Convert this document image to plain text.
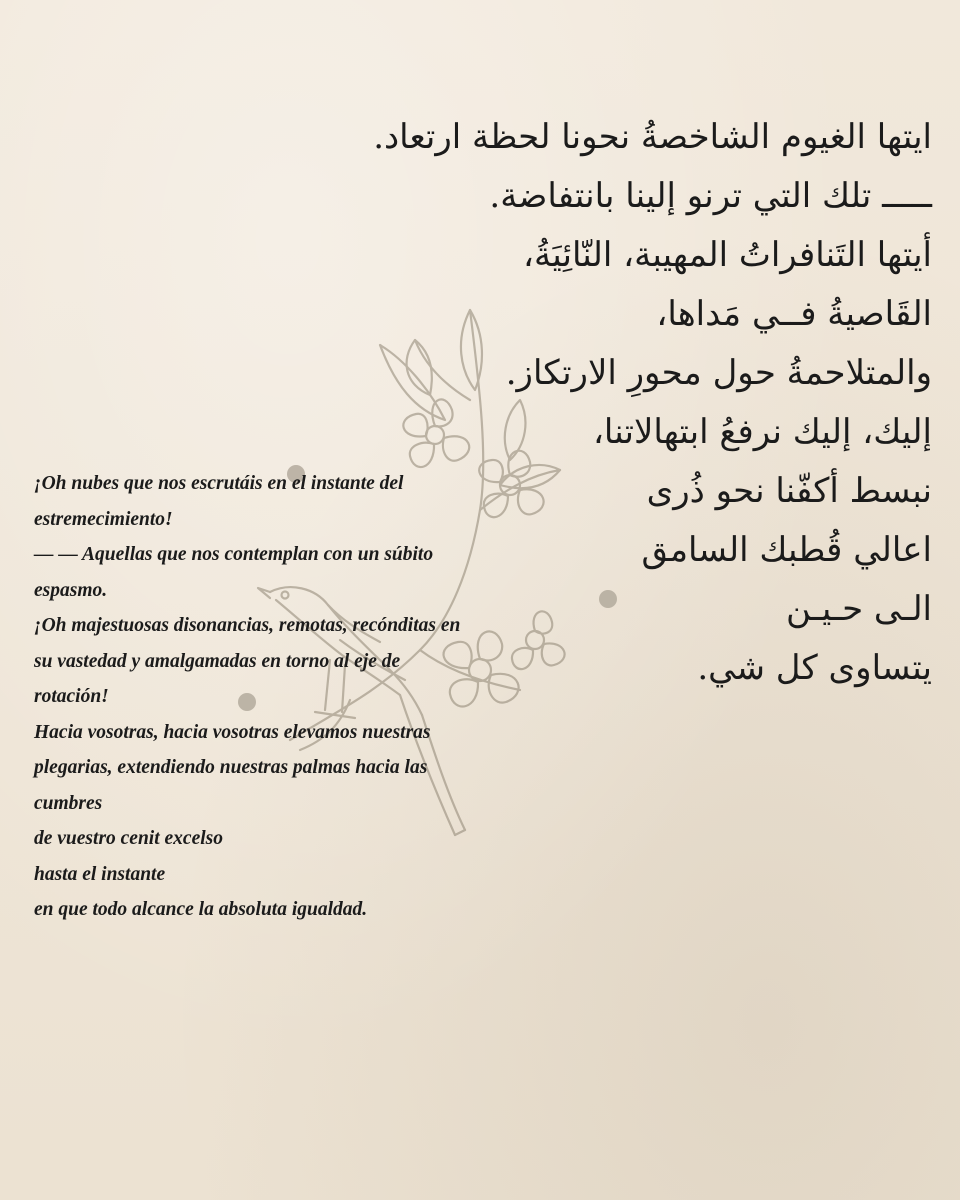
ايتها الغيوم الشاخصةُ نحونا لحظة ارتعاد.
ـــــ تلك التي ترنو إلينا بانتفاضة.
أيتها التَنافراتُ المهيبة، النّائِيَةُ،
القَاصيةُ فــي مَداها،
والمتلاحمةُ حول محورِ الارتكاز.
إليك، إليك نرفعُ ابتهالاتنا،
نبسط أكفّنا نحو ذُرى
اعالي قُطبك السامق
الـى حـيـن
يتساوى كل شي.
¡Oh nubes que nos escrutáis en el instante del
estremecimiento!
— — Aquellas que nos contemplan con un súbito
espasmo.
¡Oh majestuosas disonancias, remotas, recónditas en
su vastedad y amalgamadas en torno al eje de
rotación!
Hacia vosotras, hacia vosotras elevamos nuestras
plegarias, extendiendo nuestras palmas hacia las
cumbres
de vuestro cenit excelso
hasta el instante
en que todo alcance la absoluta igualdad.
